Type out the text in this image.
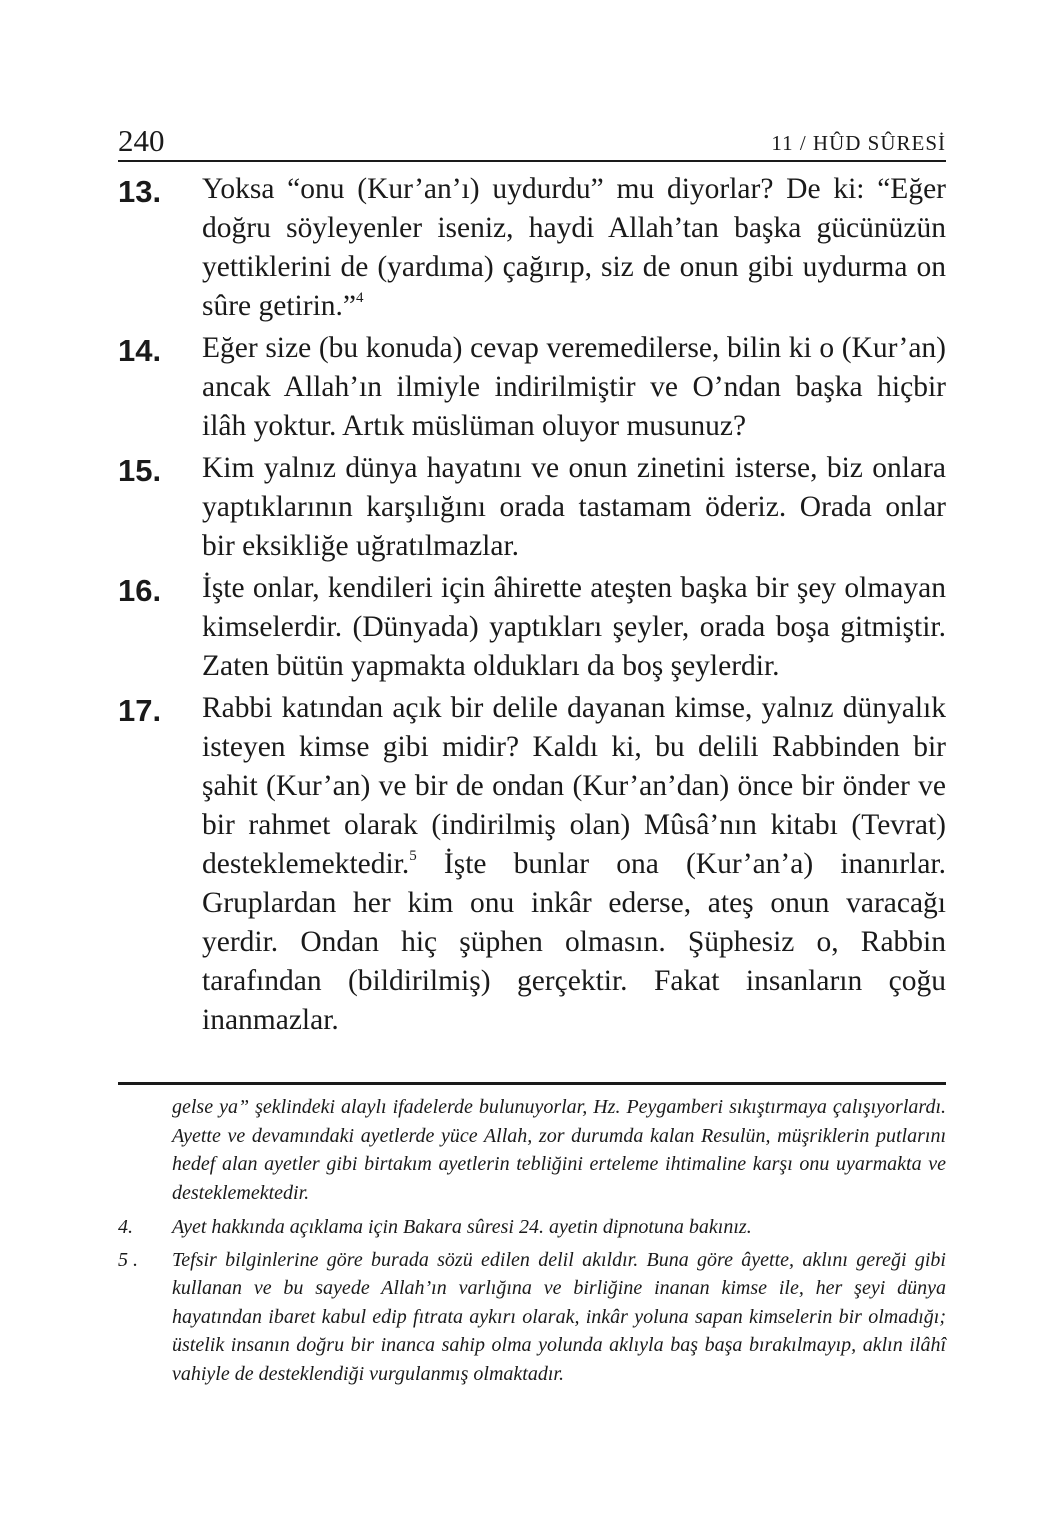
240	11 / HÛD SÛRESİ
13. Yoksa “onu (Kur’an’ı) uydurdu” mu diyorlar? De ki: “Eğer doğru söyleyenler iseniz, haydi Allah’tan başka gücünüzün yettiklerini de (yardıma) çağırıp, siz de onun gibi uydurma on sûre getirin.”$^4$
14. Eğer size (bu konuda) cevap veremedilerse, bilin ki o (Kur’an) ancak Allah’ın ilmiyle indirilmiştir ve O’ndan başka hiçbir ilâh yoktur. Artık müslüman oluyor musunuz?
15. Kim yalnız dünya hayatını ve onun zinetini isterse, biz onlara yaptıklarının karşılığını orada tastamam öderiz. Orada onlar bir eksikliğe uğratılmazlar.
16. İşte onlar, kendileri için âhirette ateşten başka bir şey olmayan kimselerdir. (Dünyada) yaptıkları şeyler, orada boşa gitmiştir. Zaten bütün yapmakta oldukları da boş şeylerdir.
17. Rabbi katından açık bir delile dayanan kimse, yalnız dünyalık isteyen kimse gibi midir? Kaldı ki, bu delili Rabbinden bir şahit (Kur’an) ve bir de ondan (Kur’an’dan) önce bir önder ve bir rahmet olarak (indirilmiş olan) Mûsâ’nın kitabı (Tevrat) desteklemektedir.$^5$ İşte bunlar ona (Kur’an’a) inanırlar. Gruplardan her kim onu inkâr ederse, ateş onun varacağı yerdir. Ondan hiç şüphen olmasın. Şüphesiz o, Rabbin tarafından (bildirilmiş) gerçektir. Fakat insanların çoğu inanmazlar.
gelse ya” şeklindeki alaylı ifadelerde bulunuyorlar, Hz. Peygamberi sıkıştırmaya çalışıyorlardı. Ayette ve devamındaki ayetlerde yüce Allah, zor durumda kalan Resulün, müşriklerin putlarını hedef alan ayetler gibi birtakım ayetlerin tebliğini erteleme ihtimaline karşı onu uyarmakta ve desteklemektedir.
4. Ayet hakkında açıklama için Bakara sûresi 24. ayetin dipnotuna bakınız.
5 . Tefsir bilginlerine göre burada sözü edilen delil akıldır. Buna göre âyette, aklını gereği gibi kullanan ve bu sayede Allah’ın varlığına ve birliğine inanan kimse ile, her şeyi dünya hayatından ibaret kabul edip fıtrata aykırı olarak, inkâr yoluna sapan kimselerin bir olmadığı; üstelik insanın doğru bir inanca sahip olma yolunda aklıyla baş başa bırakılmayıp, aklın ilâhî vahiyle de desteklendiği vurgulanmış olmaktadır.
